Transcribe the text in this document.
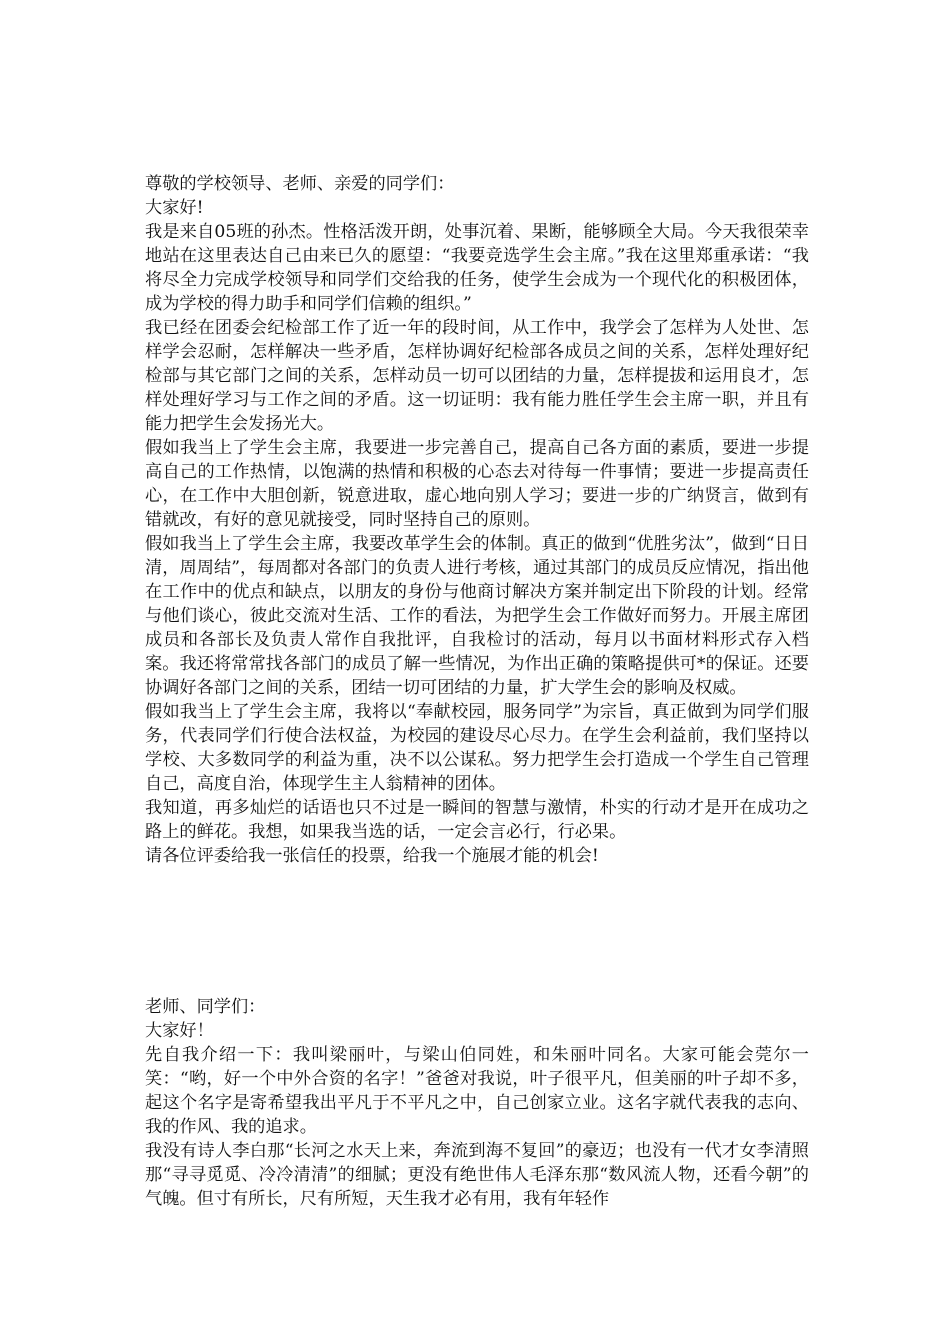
尊敬的学校领导、老师、亲爱的同学们：

大家好!

我是来自05班的孙杰。性格活泼开朗，处事沉着、果断，能够顾全大局。今天我很荣幸地站在这里表达自己由来已久的愿望：“我要竞选学生会主席。”我在这里郑重承诺：“我将尽全力完成学校领导和同学们交给我的任务，使学生会成为一个现代化的积极团体，成为学校的得力助手和同学们信赖的组织。”

我已经在团委会纪检部工作了近一年的段时间，从工作中，我学会了怎样为人处世、怎样学会忍耐，怎样解决一些矛盾，怎样协调好纪检部各成员之间的关系，怎样处理好纪检部与其它部门之间的关系，怎样动员一切可以团结的力量，怎样提拔和运用良才，怎样处理好学习与工作之间的矛盾。这一切证明：我有能力胜任学生会主席一职，并且有能力把学生会发扬光大。

假如我当上了学生会主席，我要进一步完善自己，提高自己各方面的素质，要进一步提高自己的工作热情，以饱满的热情和积极的心态去对待每一件事情；要进一步提高责任心，在工作中大胆创新，锐意进取，虚心地向别人学习；要进一步的广纳贤言，做到有错就改，有好的意见就接受，同时坚持自己的原则。

假如我当上了学生会主席，我要改革学生会的体制。真正的做到“优胜劣汰”，做到“日日清，周周结”，每周都对各部门的负责人进行考核，通过其部门的成员反应情况，指出他在工作中的优点和缺点，以朋友的身份与他商讨解决方案并制定出下阶段的计划。经常与他们谈心，彼此交流对生活、工作的看法，为把学生会工作做好而努力。开展主席团成员和各部长及负责人常作自我批评，自我检讨的活动，每月以书面材料形式存入档案。我还将常常找各部门的成员了解一些情况，为作出正确的策略提供可*的保证。还要协调好各部门之间的关系，团结一切可团结的力量，扩大学生会的影响及权威。

假如我当上了学生会主席，我将以“奉献校园，服务同学”为宗旨，真正做到为同学们服务，代表同学们行使合法权益，为校园的建设尽心尽力。在学生会利益前，我们坚持以学校、大多数同学的利益为重，决不以公谋私。努力把学生会打造成一个学生自己管理自己，高度自治，体现学生主人翁精神的团体。

我知道，再多灿烂的话语也只不过是一瞬间的智慧与激情，朴实的行动才是开在成功之路上的鲜花。我想，如果我当选的话，一定会言必行，行必果。

请各位评委给我一张信任的投票，给我一个施展才能的机会!

老师、同学们：

大家好！

先自我介绍一下：我叫梁丽叶，与梁山伯同姓，和朱丽叶同名。大家可能会莞尔一笑：“哟，好一个中外合资的名字！”爸爸对我说，叶子很平凡，但美丽的叶子却不多，起这个名字是寄希望我出平凡于不平凡之中，自己创家立业。这名字就代表我的志向、我的作风、我的追求。

我没有诗人李白那“长河之水天上来，奔流到海不复回”的豪迈；也没有一代才女李清照那“寻寻觅觅、冷冷清清”的细腻；更没有绝世伟人毛泽东那“数风流人物，还看今朝”的气魄。但寸有所长，尺有所短，天生我才必有用，我有年轻作
